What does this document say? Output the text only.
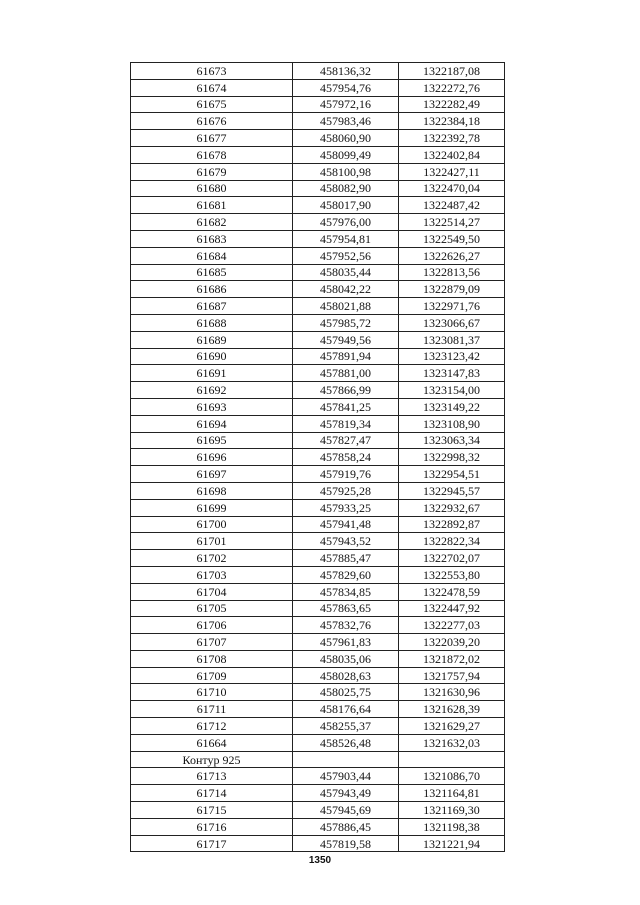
61673	458136,32	1322187,08
61674	457954,76	1322272,76
61675	457972,16	1322282,49
61676	457983,46	1322384,18
61677	458060,90	1322392,78
61678	458099,49	1322402,84
61679	458100,98	1322427,11
61680	458082,90	1322470,04
61681	458017,90	1322487,42
61682	457976,00	1322514,27
61683	457954,81	1322549,50
61684	457952,56	1322626,27
61685	458035,44	1322813,56
61686	458042,22	1322879,09
61687	458021,88	1322971,76
61688	457985,72	1323066,67
61689	457949,56	1323081,37
61690	457891,94	1323123,42
61691	457881,00	1323147,83
61692	457866,99	1323154,00
61693	457841,25	1323149,22
61694	457819,34	1323108,90
61695	457827,47	1323063,34
61696	457858,24	1322998,32
61697	457919,76	1322954,51
61698	457925,28	1322945,57
61699	457933,25	1322932,67
61700	457941,48	1322892,87
61701	457943,52	1322822,34
61702	457885,47	1322702,07
61703	457829,60	1322553,80
61704	457834,85	1322478,59
61705	457863,65	1322447,92
61706	457832,76	1322277,03
61707	457961,83	1322039,20
61708	458035,06	1321872,02
61709	458028,63	1321757,94
61710	458025,75	1321630,96
61711	458176,64	1321628,39
61712	458255,37	1321629,27
61664	458526,48	1321632,03
Контур 925		
61713	457903,44	1321086,70
61714	457943,49	1321164,81
61715	457945,69	1321169,30
61716	457886,45	1321198,38
61717	457819,58	1321221,94
1350
